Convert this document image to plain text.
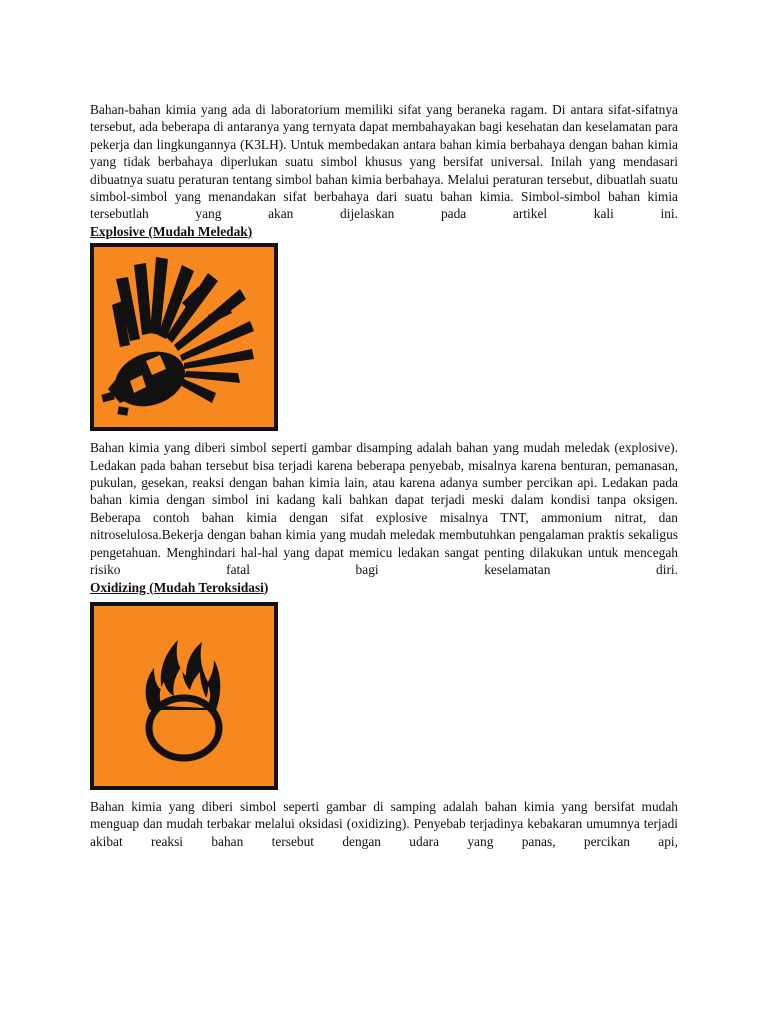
Bahan-bahan kimia yang ada di laboratorium memiliki sifat yang beraneka ragam. Di antara sifat-sifatnya tersebut, ada beberapa di antaranya yang ternyata dapat membahayakan bagi kesehatan dan keselamatan para pekerja dan lingkungannya (K3LH). Untuk membedakan antara bahan kimia berbahaya dengan bahan kimia yang tidak berbahaya diperlukan suatu simbol khusus yang bersifat universal. Inilah yang mendasari dibuatnya suatu peraturan tentang simbol bahan kimia berbahaya. Melalui peraturan tersebut, dibuatlah suatu simbol-simbol yang menandakan sifat berbahaya dari suatu bahan kimia. Simbol-simbol bahan kimia tersebutlah yang akan dijelaskan pada artikel kali ini.

Explosive (Mudah Meledak)

Bahan kimia yang diberi simbol seperti gambar disamping adalah bahan yang mudah meledak (explosive). Ledakan pada bahan tersebut bisa terjadi karena beberapa penyebab, misalnya karena benturan, pemanasan, pukulan, gesekan, reaksi dengan bahan kimia lain, atau karena adanya sumber percikan api. Ledakan pada bahan kimia dengan simbol ini kadang kali bahkan dapat terjadi meski dalam kondisi tanpa oksigen. Beberapa contoh bahan kimia dengan sifat explosive misalnya TNT, ammonium nitrat, dan nitroselulosa.Bekerja dengan bahan kimia yang mudah meledak membutuhkan pengalaman praktis sekaligus pengetahuan. Menghindari hal-hal yang dapat memicu ledakan sangat penting dilakukan untuk mencegah risiko fatal bagi keselamatan diri.

Oxidizing (Mudah Teroksidasi)

Bahan kimia yang diberi simbol seperti gambar di samping adalah bahan kimia yang bersifat mudah menguap dan mudah terbakar melalui oksidasi (oxidizing). Penyebab terjadinya kebakaran umumnya terjadi akibat reaksi bahan tersebut dengan udara yang panas, percikan api,
